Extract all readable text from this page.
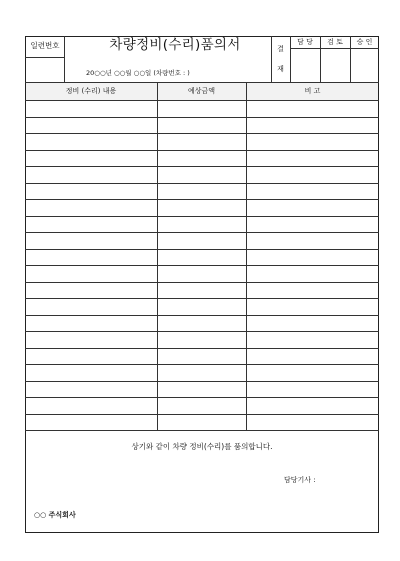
일련번호	차량정비(수리)품의서
20○○년 ○○월 ○○일 (차량번호 : )
결
재
담 당	검 토	승 인
정비 (수리) 내용	예상금액	비 고
상기와 같이 차량 정비(수리)를 품의합니다.
담당기사 :
○○ 주식회사
